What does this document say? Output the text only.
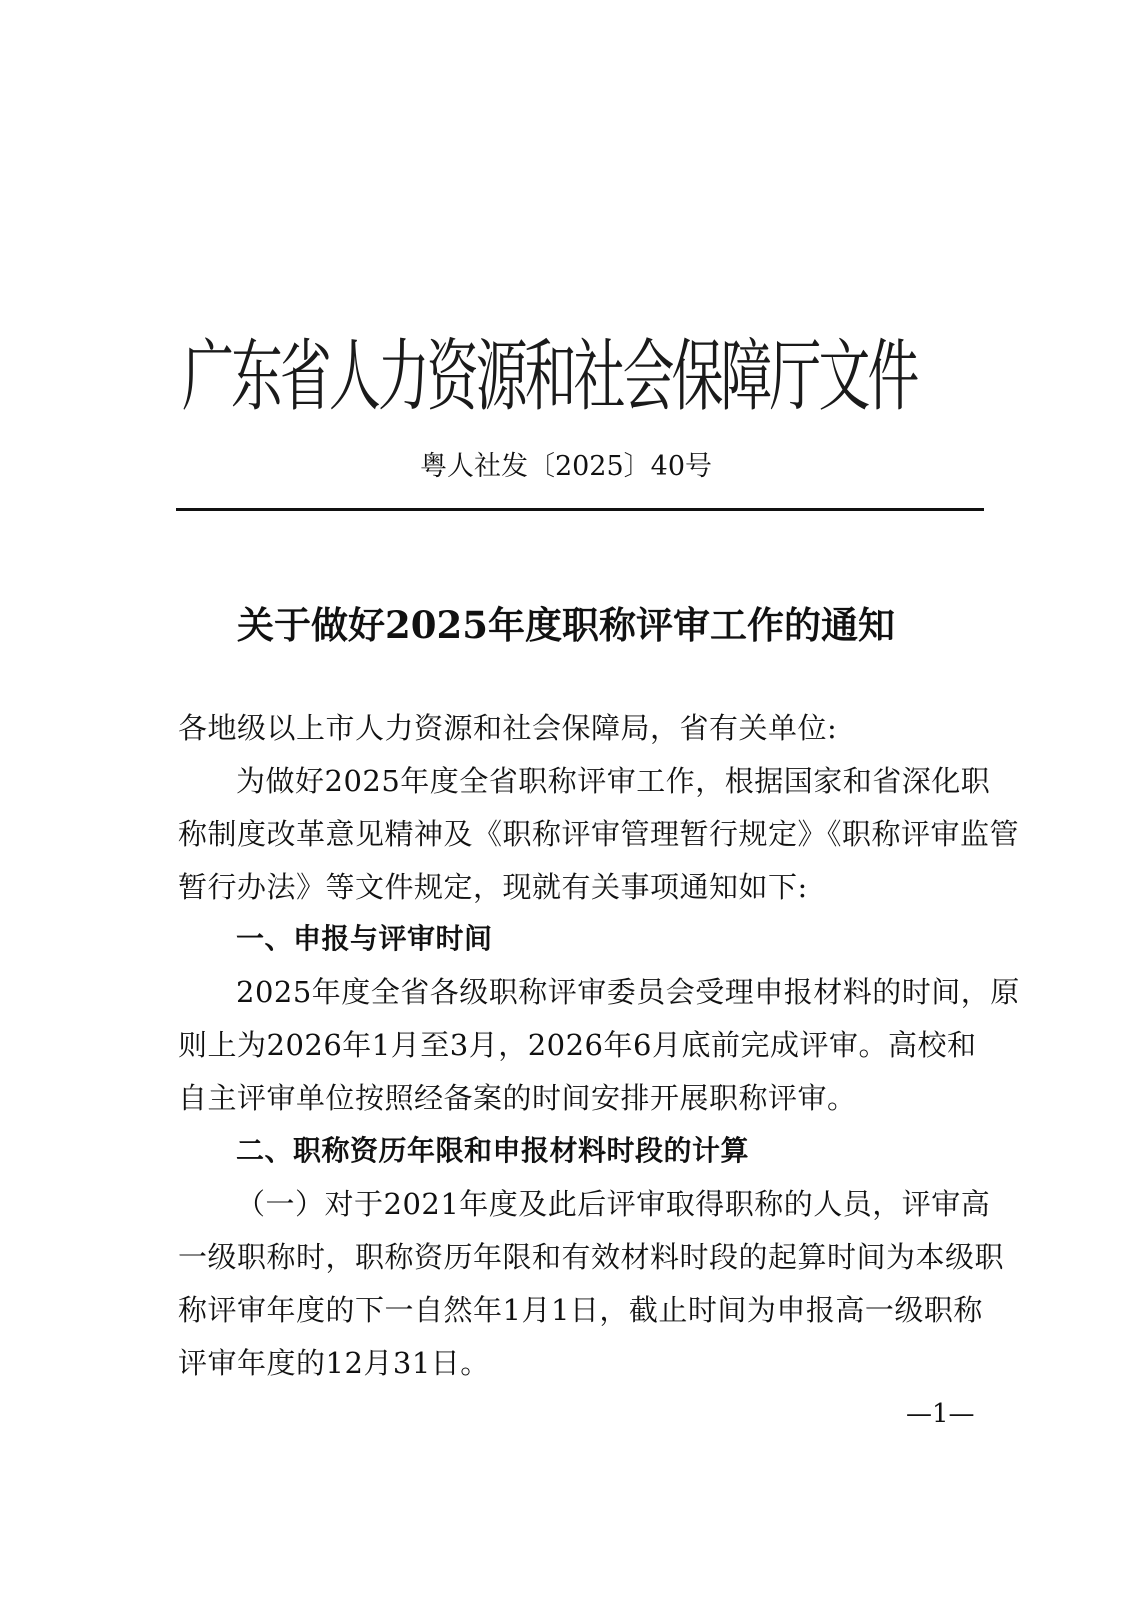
广东省人力资源和社会保障厅文件
粤人社发〔2025〕40号
关于做好2025年度职称评审工作的通知
各地级以上市人力资源和社会保障局，省有关单位:
为做好2025年度全省职称评审工作，根据国家和省深化职
称制度改革意见精神及《职称评审管理暂行规定》《职称评审监管
暂行办法》等文件规定，现就有关事项通知如下:
一、申报与评审时间
2025年度全省各级职称评审委员会受理申报材料的时间，原
则上为2026年1月至3月，2026年6月底前完成评审。高校和
自主评审单位按照经备案的时间安排开展职称评审。
二、职称资历年限和申报材料时段的计算
（一）对于2021年度及此后评审取得职称的人员，评审高
一级职称时，职称资历年限和有效材料时段的起算时间为本级职
称评审年度的下一自然年1月1日，截止时间为申报高一级职称
评审年度的12月31日。
—1—
